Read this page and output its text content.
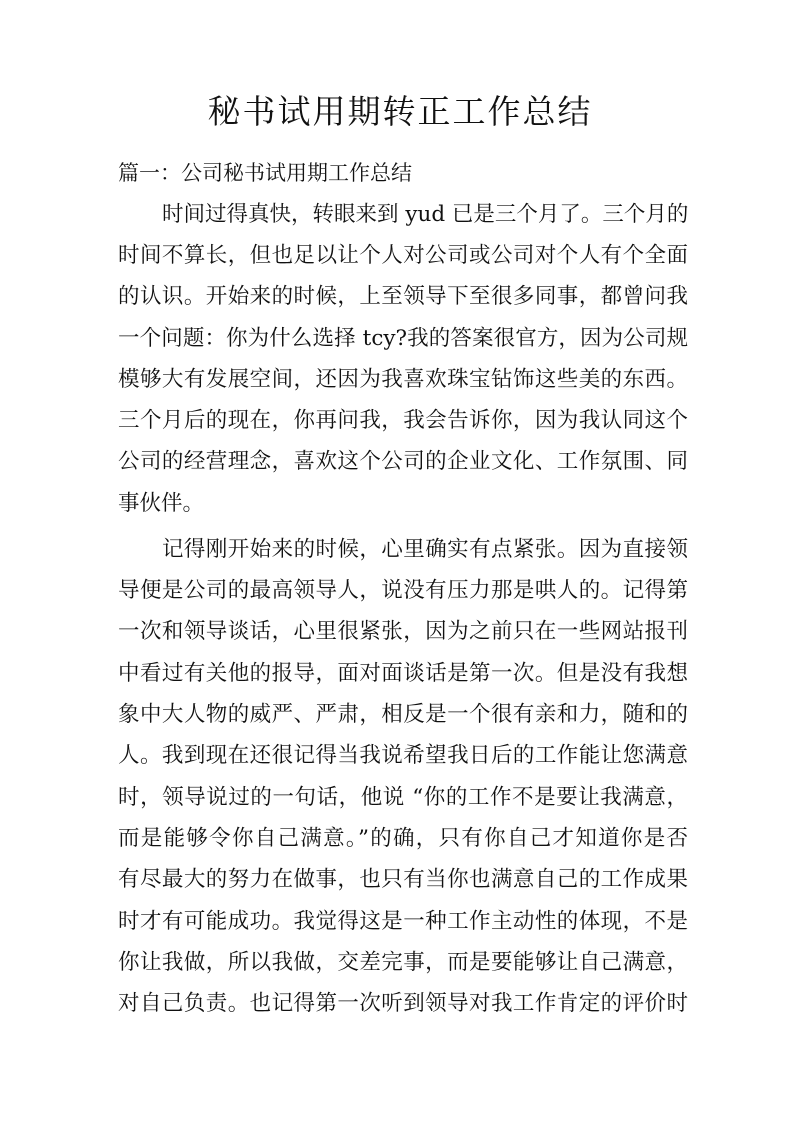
秘书试用期转正工作总结
篇一：公司秘书试用期工作总结
时间过得真快，转眼来到 yud 已是三个月了。三个月的
时间不算长，但也足以让个人对公司或公司对个人有个全面
的认识。开始来的时候，上至领导下至很多同事，都曾问我
一个问题：你为什么选择 tcy?我的答案很官方，因为公司规
模够大有发展空间，还因为我喜欢珠宝钻饰这些美的东西。
三个月后的现在，你再问我，我会告诉你，因为我认同这个
公司的经营理念，喜欢这个公司的企业文化、工作氛围、同
事伙伴。
记得刚开始来的时候，心里确实有点紧张。因为直接领
导便是公司的最高领导人，说没有压力那是哄人的。记得第
一次和领导谈话，心里很紧张，因为之前只在一些网站报刊
中看过有关他的报导，面对面谈话是第一次。但是没有我想
象中大人物的威严、严肃，相反是一个很有亲和力，随和的
人。我到现在还很记得当我说希望我日后的工作能让您满意
时，领导说过的一句话，他说 “你的工作不是要让我满意，
而是能够令你自己满意。”的确，只有你自己才知道你是否
有尽最大的努力在做事，也只有当你也满意自己的工作成果
时才有可能成功。我觉得这是一种工作主动性的体现，不是
你让我做，所以我做，交差完事，而是要能够让自己满意，
对自己负责。也记得第一次听到领导对我工作肯定的评价时
